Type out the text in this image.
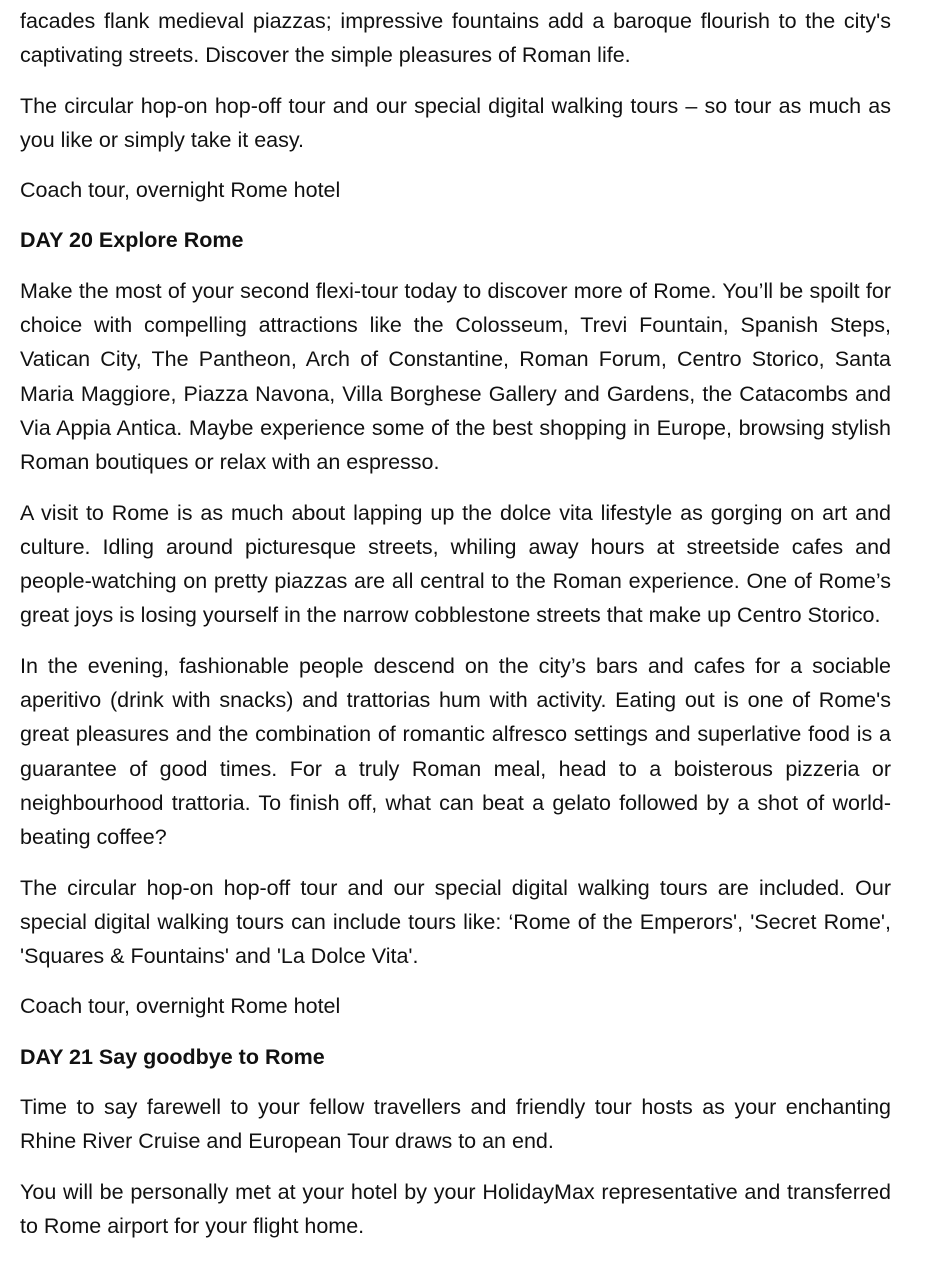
facades flank medieval piazzas; impressive fountains add a baroque flourish to the city's captivating streets. Discover the simple pleasures of Roman life.

The circular hop-on hop-off tour and our special digital walking tours – so tour as much as you like or simply take it easy.

Coach tour, overnight Rome hotel

DAY 20 Explore Rome

Make the most of your second flexi-tour today to discover more of Rome. You’ll be spoilt for choice with compelling attractions like the Colosseum, Trevi Fountain, Spanish Steps, Vatican City, The Pantheon, Arch of Constantine, Roman Forum, Centro Storico, Santa Maria Maggiore, Piazza Navona, Villa Borghese Gallery and Gardens, the Catacombs and Via Appia Antica. Maybe experience some of the best shopping in Europe, browsing stylish Roman boutiques or relax with an espresso.

A visit to Rome is as much about lapping up the dolce vita lifestyle as gorging on art and culture. Idling around picturesque streets, whiling away hours at streetside cafes and people-watching on pretty piazzas are all central to the Roman experience. One of Rome’s great joys is losing yourself in the narrow cobblestone streets that make up Centro Storico.

In the evening, fashionable people descend on the city’s bars and cafes for a sociable aperitivo (drink with snacks) and trattorias hum with activity. Eating out is one of Rome's great pleasures and the combination of romantic alfresco settings and superlative food is a guarantee of good times. For a truly Roman meal, head to a boisterous pizzeria or neighbourhood trattoria. To finish off, what can beat a gelato followed by a shot of world-beating coffee?

The circular hop-on hop-off tour and our special digital walking tours are included. Our special digital walking tours can include tours like: ‘Rome of the Emperors', 'Secret Rome', 'Squares & Fountains' and 'La Dolce Vita'.

Coach tour, overnight Rome hotel

DAY 21 Say goodbye to Rome

Time to say farewell to your fellow travellers and friendly tour hosts as your enchanting Rhine River Cruise and European Tour draws to an end.

You will be personally met at your hotel by your HolidayMax representative and transferred to Rome airport for your flight home.
